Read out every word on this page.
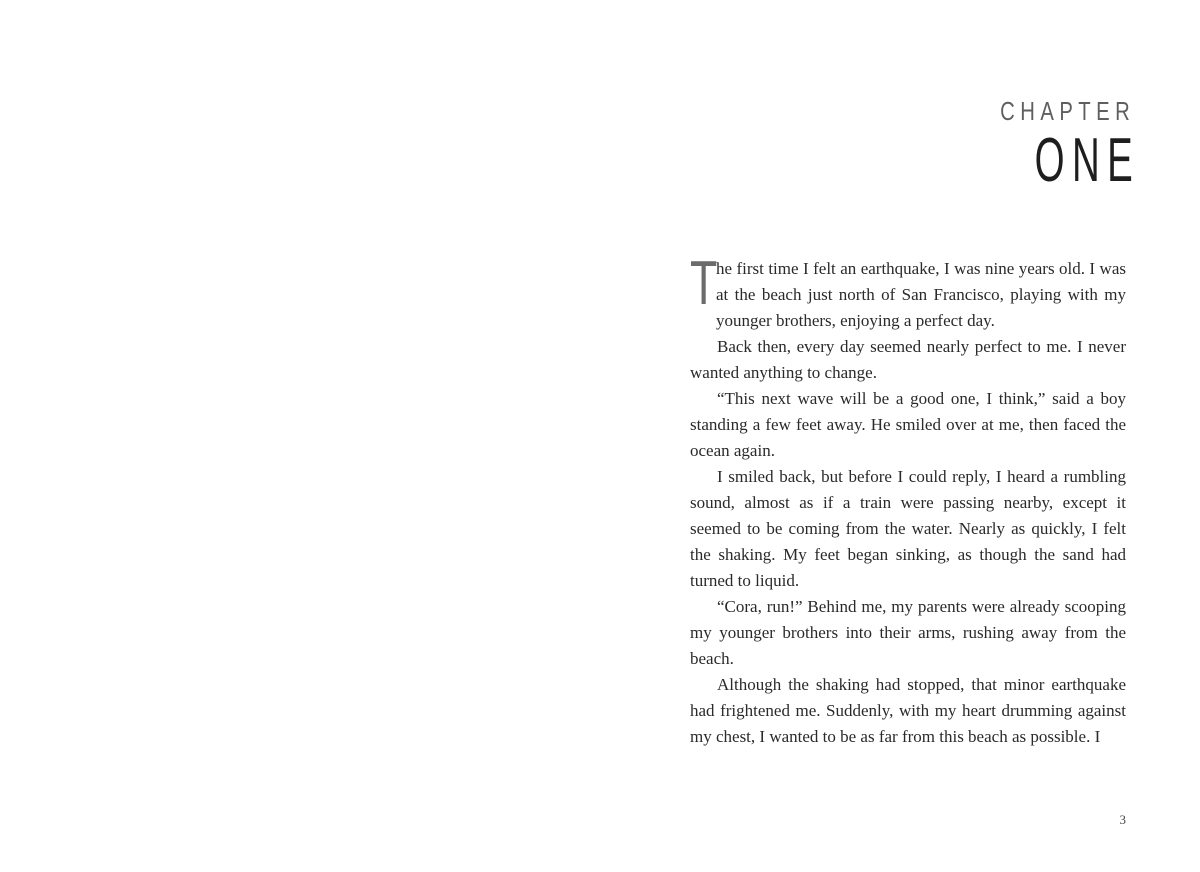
CHAPTER
ONE

T
he first time I felt an earthquake, I was nine years old. I was at the beach just north of San Francisco, playing with my younger brothers, enjoying a perfect day.

Back then, every day seemed nearly perfect to me. I never wanted anything to change.

“This next wave will be a good one, I think,” said a boy standing a few feet away. He smiled over at me, then faced the ocean again.

I smiled back, but before I could reply, I heard a rumbling sound, almost as if a train were passing nearby, except it seemed to be coming from the water. Nearly as quickly, I felt the shaking. My feet began sinking, as though the sand had turned to liquid.

“Cora, run!” Behind me, my parents were already scooping my younger brothers into their arms, rushing away from the beach.

Although the shaking had stopped, that minor earthquake had frightened me. Suddenly, with my heart drumming against my chest, I wanted to be as far from this beach as possible. I

3
